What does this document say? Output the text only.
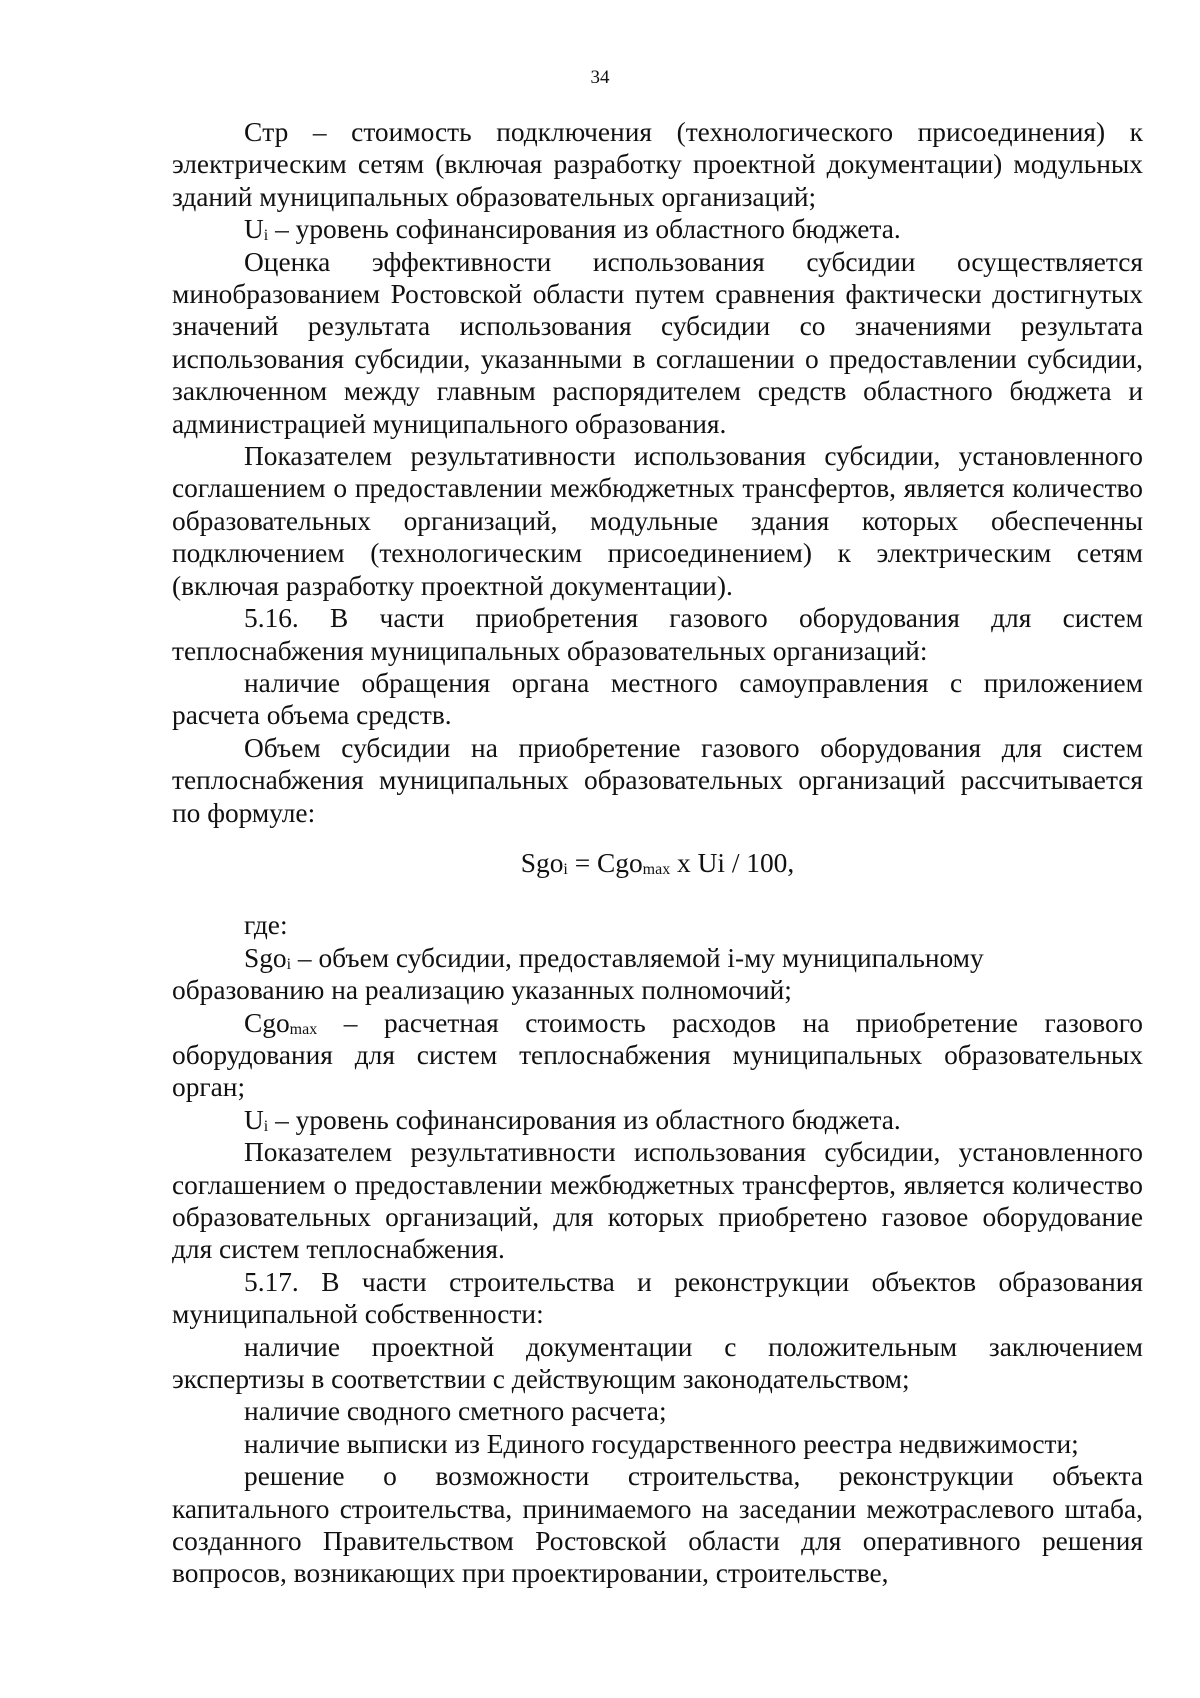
34

Cтр – стоимость подключения (технологического присоединения) к электрическим сетям (включая разработку проектной документации) модульных зданий муниципальных образовательных организаций;

$U_i$ – уровень софинансирования из областного бюджета.

Оценка эффективности использования субсидии осуществляется минобразованием Ростовской области путем сравнения фактически достигнутых значений результата использования субсидии со значениями результата использования субсидии, указанными в соглашении о предоставлении субсидии, заключенном между главным распорядителем средств областного бюджета и администрацией муниципального образования.

Показателем результативности использования субсидии, установленного соглашением о предоставлении межбюджетных трансфертов, является количество образовательных организаций, модульные здания которых обеспеченны подключением (технологическим присоединением) к электрическим сетям (включая разработку проектной документации).

5.16. В части приобретения газового оборудования для систем теплоснабжения муниципальных образовательных организаций:

наличие обращения органа местного самоуправления с приложением расчета объема средств.

Объем субсидии на приобретение газового оборудования для систем теплоснабжения муниципальных образовательных организаций рассчитывается по формуле:

Sgo$_i$ = Cgo$_{max}$ x Ui / 100,

где:

Sgo$_i$ – объем субсидии, предоставляемой i-му муниципальному
образованию на реализацию указанных полномочий;

Cgo$_{max}$ – расчетная стоимость расходов на приобретение газового оборудования для систем теплоснабжения муниципальных образовательных орган;

$U_i$ – уровень софинансирования из областного бюджета.

Показателем результативности использования субсидии, установленного соглашением о предоставлении межбюджетных трансфертов, является количество образовательных организаций, для которых приобретено газовое оборудование для систем теплоснабжения.

5.17. В части строительства и реконструкции объектов образования муниципальной собственности:

наличие проектной документации с положительным заключением экспертизы в соответствии с действующим законодательством;

наличие сводного сметного расчета;

наличие выписки из Единого государственного реестра недвижимости;

решение о возможности строительства, реконструкции объекта капитального строительства, принимаемого на заседании межотраслевого штаба, созданного Правительством Ростовской области для оперативного решения вопросов, возникающих при проектировании, строительстве,
